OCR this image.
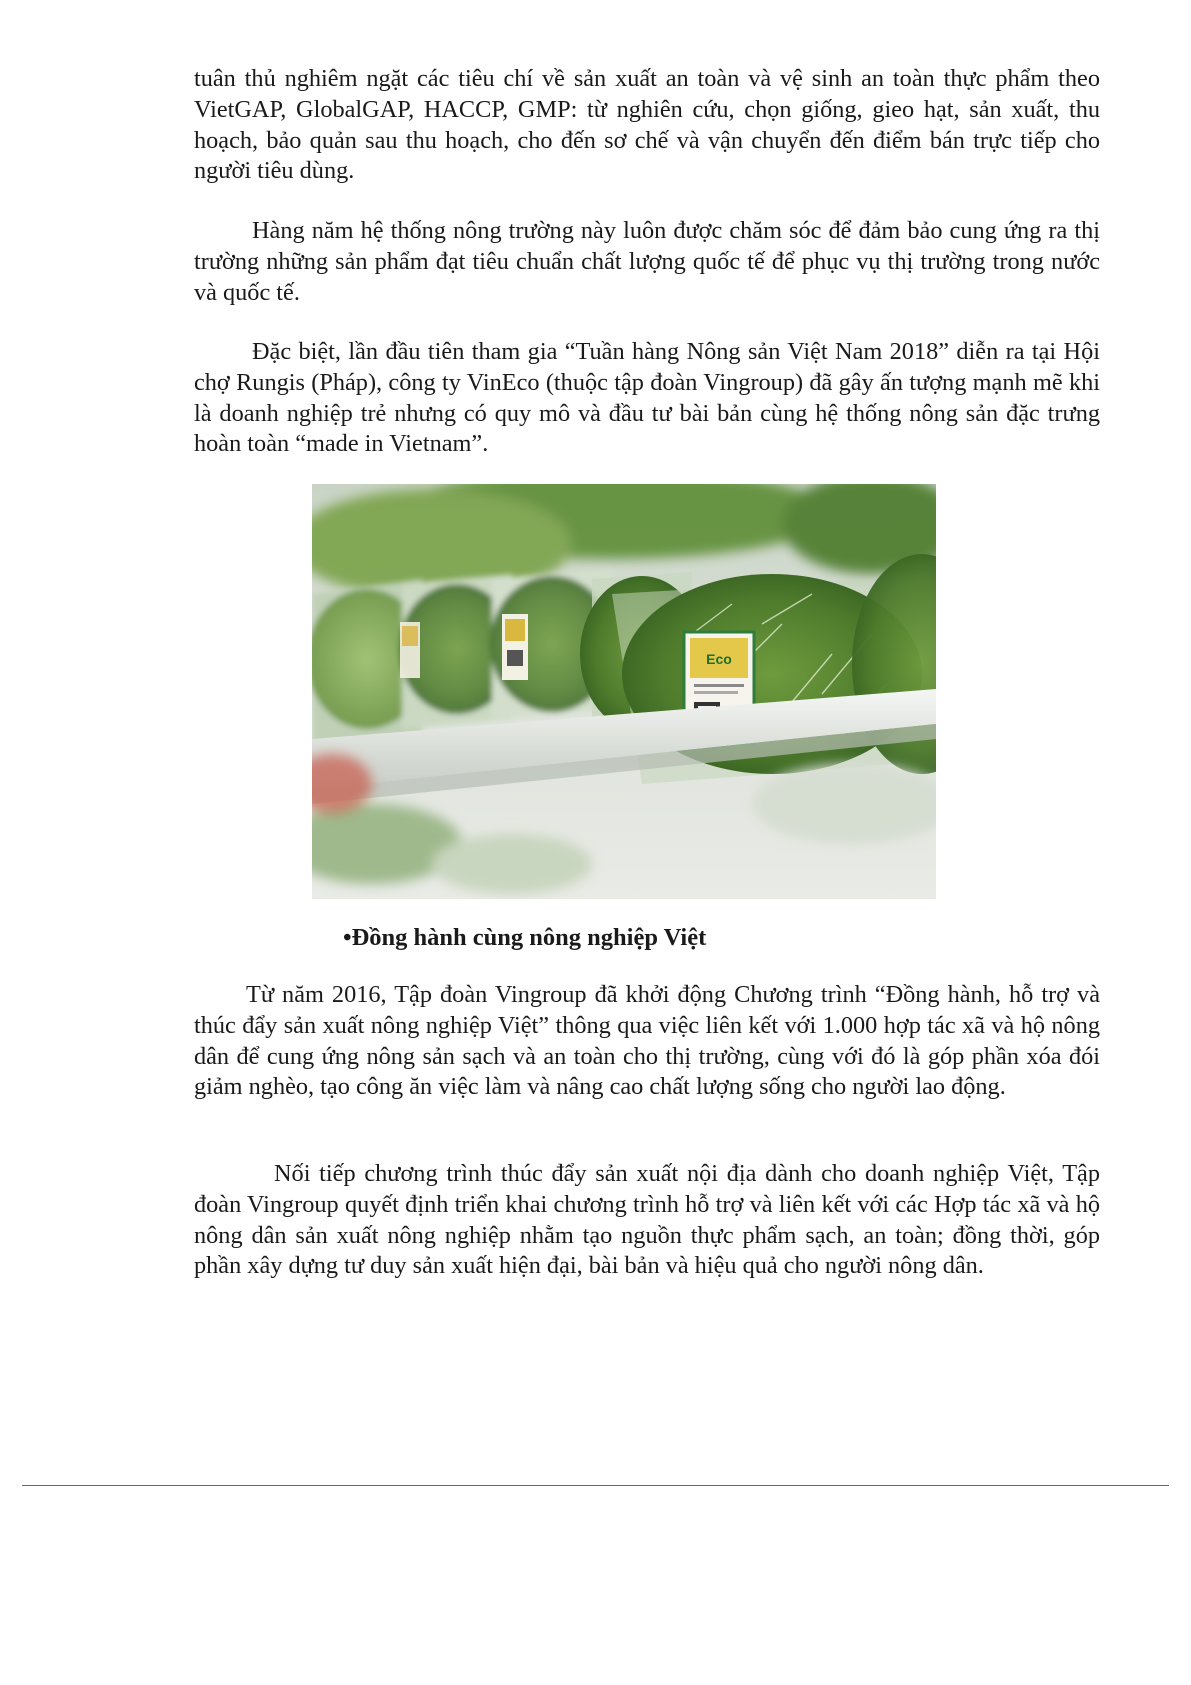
tuân thủ nghiêm ngặt các tiêu chí về sản xuất an toàn và vệ sinh an toàn thực phẩm theo VietGAP, GlobalGAP, HACCP, GMP: từ nghiên cứu, chọn giống, gieo hạt, sản xuất, thu hoạch, bảo quản sau thu hoạch, cho đến sơ chế và vận chuyển đến điểm bán trực tiếp cho người tiêu dùng.

Hàng năm hệ thống nông trường này luôn được chăm sóc để đảm bảo cung ứng ra thị trường những sản phẩm đạt tiêu chuẩn chất lượng quốc tế để phục vụ thị trường trong nước và quốc tế.

Đặc biệt, lần đầu tiên tham gia “Tuần hàng Nông sản Việt Nam 2018” diễn ra tại Hội chợ Rungis (Pháp), công ty VinEco (thuộc tập đoàn Vingroup) đã gây ấn tượng mạnh mẽ khi là doanh nghiệp trẻ nhưng có quy mô và đầu tư bài bản cùng hệ thống nông sản đặc trưng hoàn toàn “made in Vietnam”.

Eco

•Đồng hành cùng nông nghiệp Việt

Từ năm 2016, Tập đoàn Vingroup đã khởi động Chương trình “Đồng hành, hỗ trợ và thúc đẩy sản xuất nông nghiệp Việt” thông qua việc liên kết với 1.000 hợp tác xã và hộ nông dân để cung ứng nông sản sạch và an toàn cho thị trường, cùng với đó là góp phần xóa đói giảm nghèo, tạo công ăn việc làm và nâng cao chất lượng sống cho người lao động.

Nối tiếp chương trình thúc đẩy sản xuất nội địa dành cho doanh nghiệp Việt, Tập đoàn Vingroup quyết định triển khai chương trình hỗ trợ và liên kết với các Hợp tác xã và hộ nông dân sản xuất nông nghiệp nhằm tạo nguồn thực phẩm sạch, an toàn; đồng thời, góp phần xây dựng tư duy sản xuất hiện đại, bài bản và hiệu quả cho người nông dân.
